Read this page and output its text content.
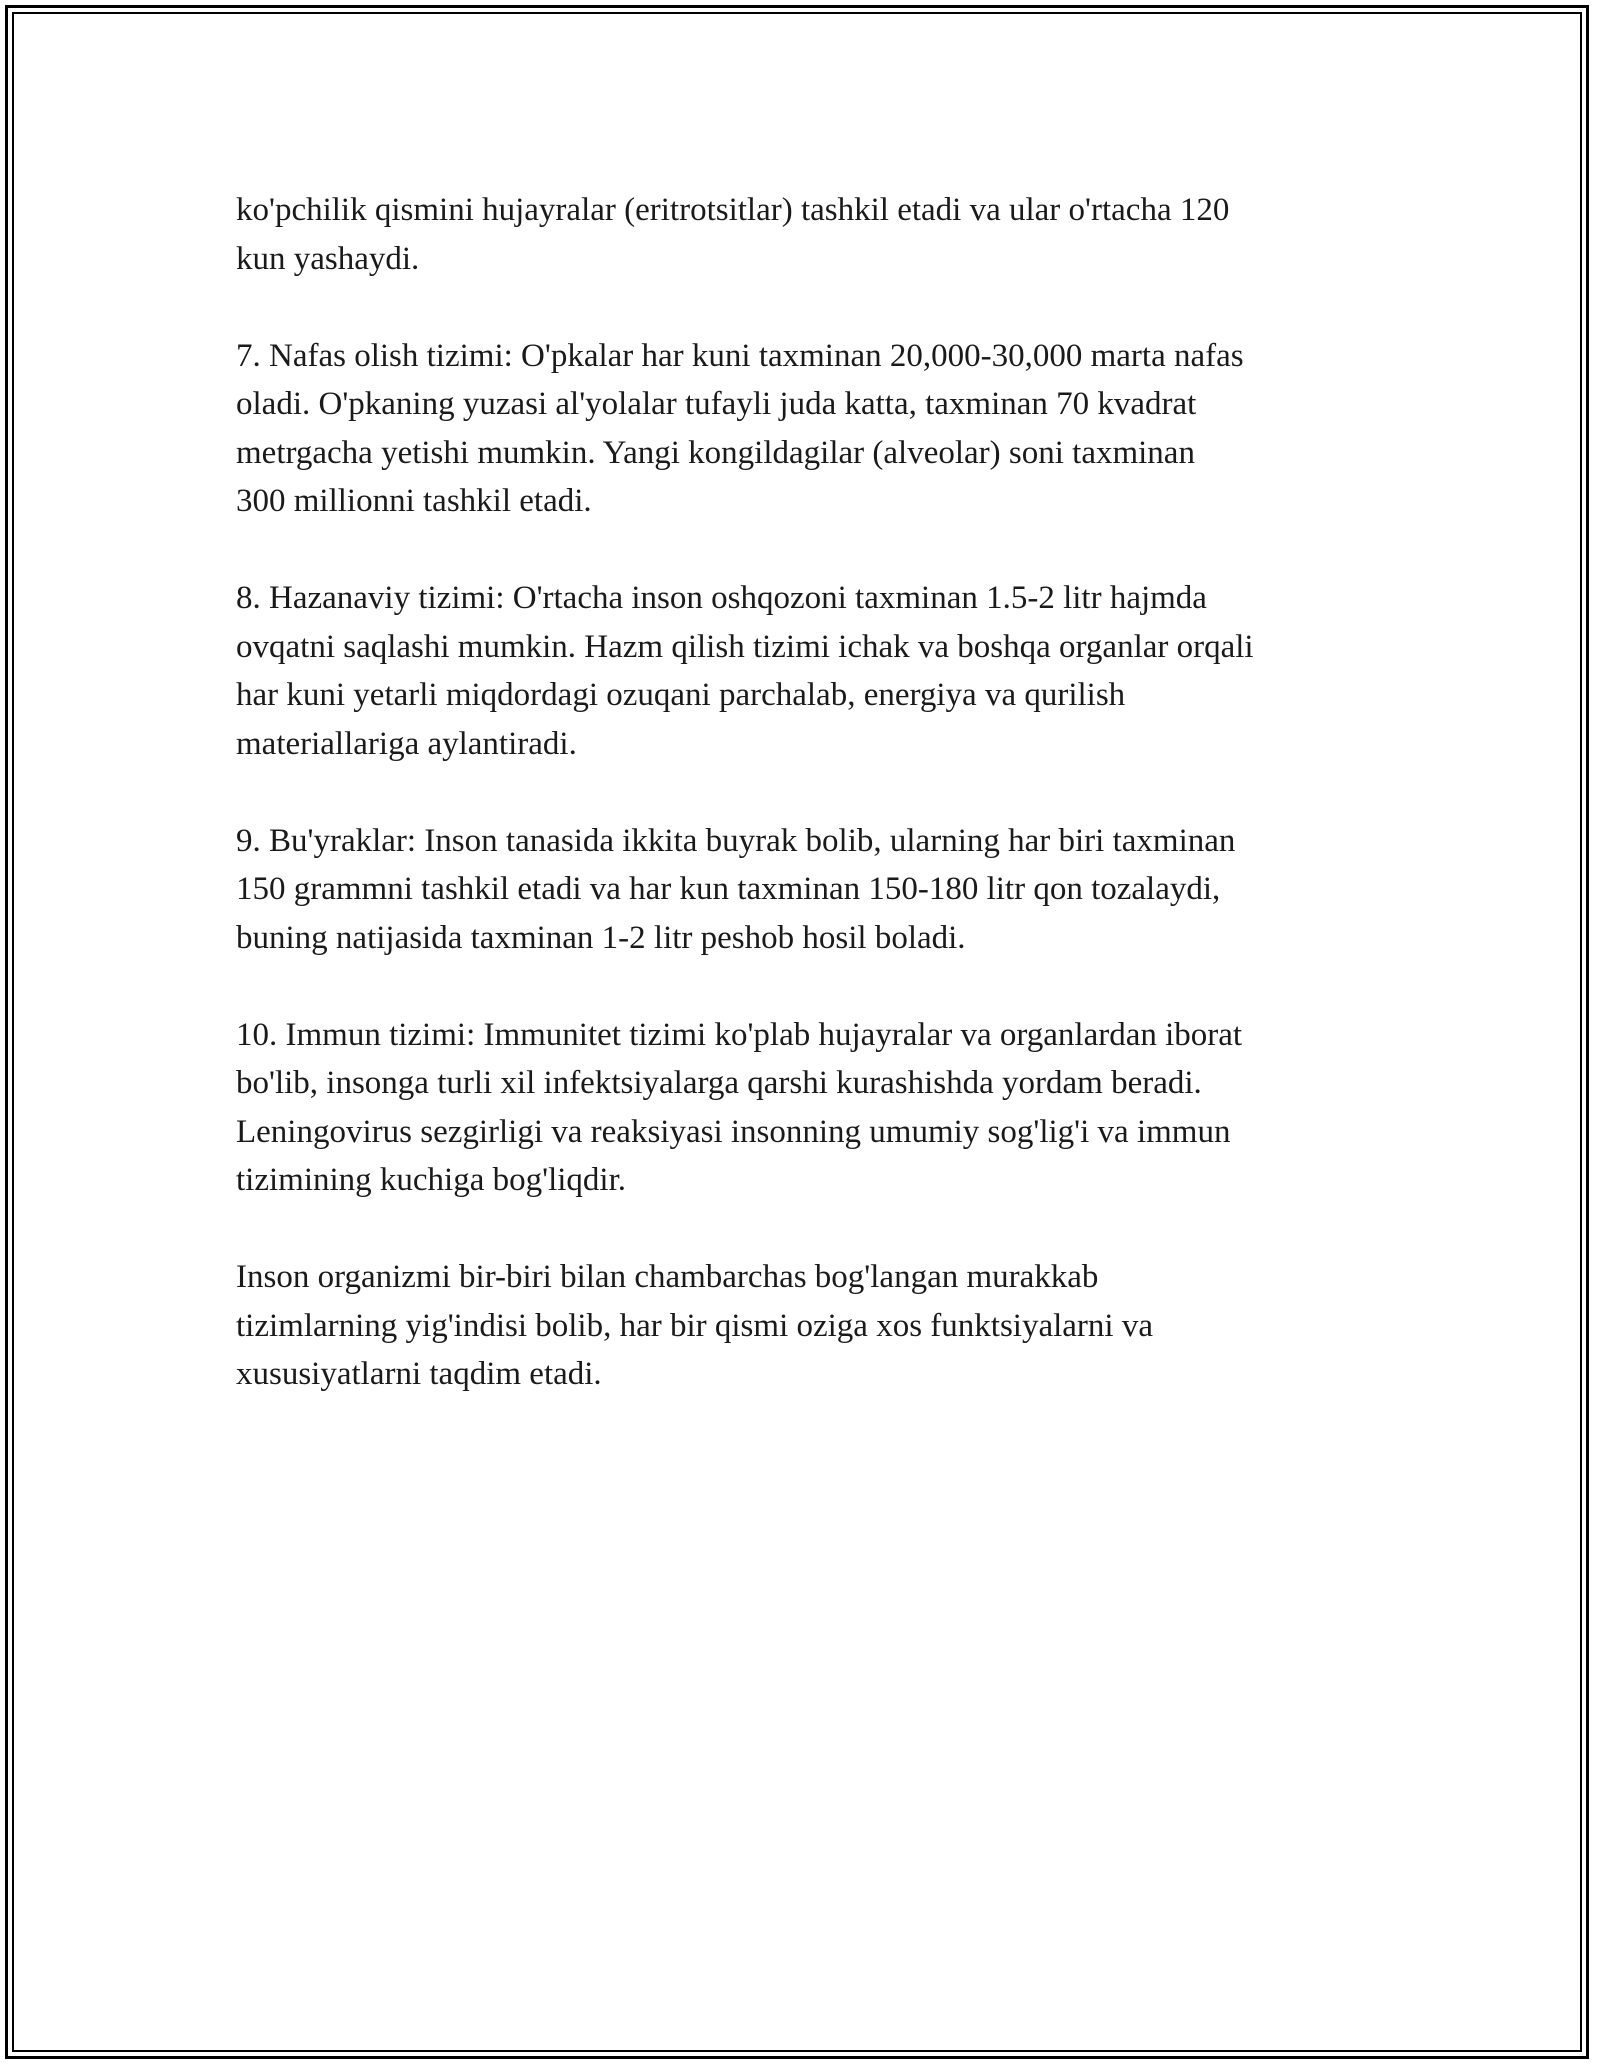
ko'pchilik qismini hujayralar (eritrotsitlar) tashkil etadi va ular o'rtacha 120
kun yashaydi.

7. Nafas olish tizimi: O'pkalar har kuni taxminan 20,000-30,000 marta nafas
oladi. O'pkaning yuzasi al'yolalar tufayli juda katta, taxminan 70 kvadrat
metrgacha yetishi mumkin. Yangi kongildagilar (alveolar) soni taxminan
300 millionni tashkil etadi.

8. Hazanaviy tizimi: O'rtacha inson oshqozoni taxminan 1.5-2 litr hajmda
ovqatni saqlashi mumkin. Hazm qilish tizimi ichak va boshqa organlar orqali
har kuni yetarli miqdordagi ozuqani parchalab, energiya va qurilish
materiallariga aylantiradi.

9. Bu'yraklar: Inson tanasida ikkita buyrak bolib, ularning har biri taxminan
150 grammni tashkil etadi va har kun taxminan 150-180 litr qon tozalaydi,
buning natijasida taxminan 1-2 litr peshob hosil boladi.

10. Immun tizimi: Immunitet tizimi ko'plab hujayralar va organlardan iborat
bo'lib, insonga turli xil infektsiyalarga qarshi kurashishda yordam beradi.
Leningovirus sezgirligi va reaksiyasi insonning umumiy sog'lig'i va immun
tizimining kuchiga bog'liqdir.

Inson organizmi bir-biri bilan chambarchas bog'langan murakkab
tizimlarning yig'indisi bolib, har bir qismi oziga xos funktsiyalarni va
xususiyatlarni taqdim etadi.
